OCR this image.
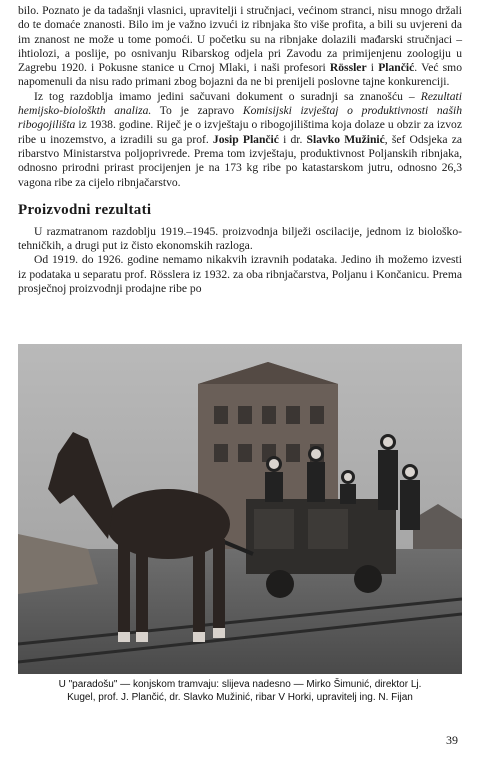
bilo. Poznato je da tadašnji vlasnici, upravitelji i stručnjaci, većinom stranci, nisu mnogo držali do te domaće znanosti. Bilo im je važno izvući iz ribnjaka što više profita, a bili su uvjereni da im znanost ne može u tome pomoći. U početku su na ribnjake dolazili mađarski stručnjaci – ihtiolozi, a poslije, po osnivanju Ribarskog odjela pri Zavodu za primijenjenu zoologiju u Zagrebu 1920. i Pokusne stanice u Crnoj Mlaki, i naši profesori Rössler i Plančić. Već smo napomenuli da nisu rado primani zbog bojazni da ne bi prenijeli poslovne tajne konkurenciji.

Iz tog razdoblja imamo jedini sačuvani dokument o suradnji sa znanošću – Rezultati hemijsko-biološkth analiza. To je zapravo Komisijski izvještaj o produktivnosti naših ribogojilišta iz 1938. godine. Riječ je o izvještaju o ribogojilištima koja dolaze u obzir za izvoz ribe u inozemstvo, a izradili su ga prof. Josip Plančić i dr. Slavko Mužinić, šef Odsjeka za ribarstvo Ministarstva poljoprivrede. Prema tom izvještaju, produktivnost Poljanskih ribnjaka, odnosno prirodni prirast procijenjen je na 173 kg ribe po katastarskom jutru, odnosno 26,3 vagona ribe za cijelo ribnjačarstvo.

Proizvodni rezultati

U razmatranom razdoblju 1919.–1945. proizvodnja bilježi oscilacije, jednom iz biološko-tehničkih, a drugi put iz čisto ekonomskih razloga.

Od 1919. do 1926. godine nemamo nikakvih izravnih podataka. Jedino ih možemo izvesti iz podataka u separatu prof. Rösslera iz 1932. za oba ribnjačarstva, Poljanu i Končanicu. Prema prosječnoj proizvodnji prodajne ribe po

U "paradošu" — konjskom tramvaju: slijeva nadesno — Mirko Šimunić, direktor Lj.
Kugel, prof. J. Plančić, dr. Slavko Mužinić, ribar V Horki, upravitelj ing. N. Fijan
39
